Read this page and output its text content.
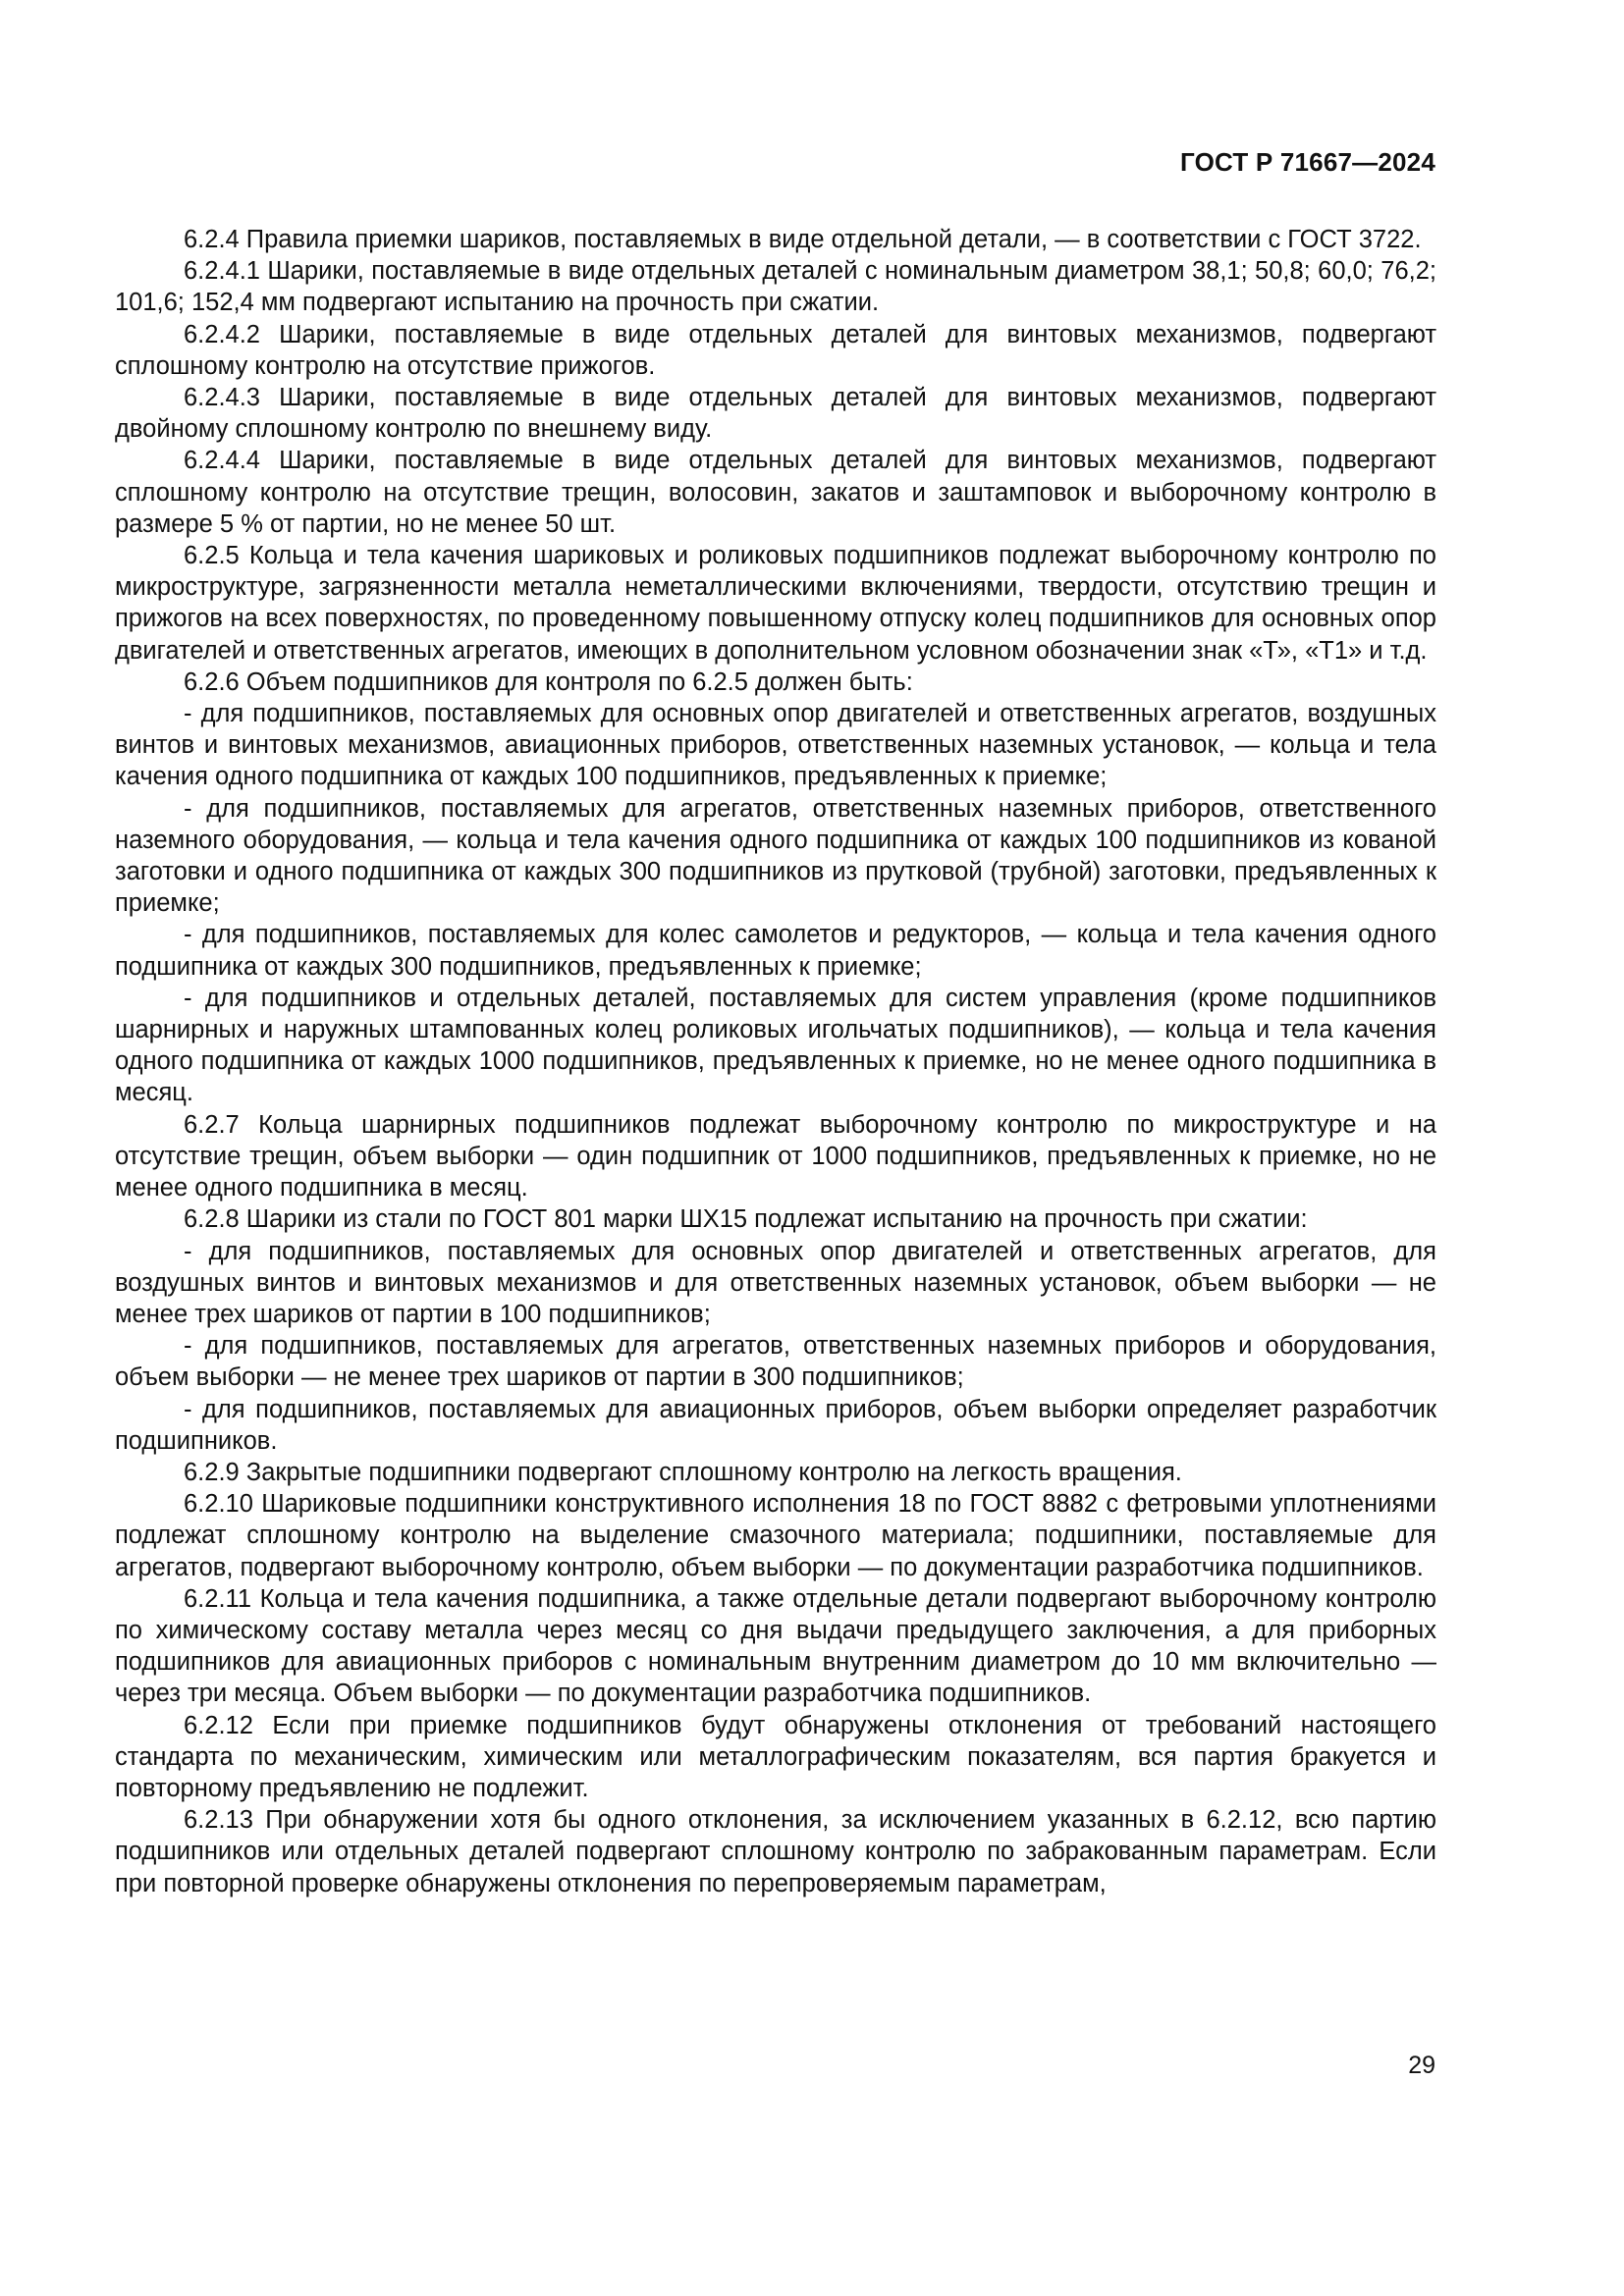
ГОСТ Р 71667—2024

6.2.4 Правила приемки шариков, поставляемых в виде отдельной детали, — в соответствии с ГОСТ 3722.

6.2.4.1 Шарики, поставляемые в виде отдельных деталей с номинальным диаметром 38,1; 50,8; 60,0; 76,2; 101,6; 152,4 мм подвергают испытанию на прочность при сжатии.

6.2.4.2 Шарики, поставляемые в виде отдельных деталей для винтовых механизмов, подвергают сплошному контролю на отсутствие прижогов.

6.2.4.3 Шарики, поставляемые в виде отдельных деталей для винтовых механизмов, подвергают двойному сплошному контролю по внешнему виду.

6.2.4.4 Шарики, поставляемые в виде отдельных деталей для винтовых механизмов, подвергают сплошному контролю на отсутствие трещин, волосовин, закатов и заштамповок и выборочному контролю в размере 5 % от партии, но не менее 50 шт.

6.2.5 Кольца и тела качения шариковых и роликовых подшипников подлежат выборочному контролю по микроструктуре, загрязненности металла неметаллическими включениями, твердости, отсутствию трещин и прижогов на всех поверхностях, по проведенному повышенному отпуску колец подшипников для основных опор двигателей и ответственных агрегатов, имеющих в дополнительном условном обозначении знак «Т», «Т1» и т.д.

6.2.6 Объем подшипников для контроля по 6.2.5 должен быть:

- для подшипников, поставляемых для основных опор двигателей и ответственных агрегатов, воздушных винтов и винтовых механизмов, авиационных приборов, ответственных наземных установок, — кольца и тела качения одного подшипника от каждых 100 подшипников, предъявленных к приемке;

- для подшипников, поставляемых для агрегатов, ответственных наземных приборов, ответственного наземного оборудования, — кольца и тела качения одного подшипника от каждых 100 подшипников из кованой заготовки и одного подшипника от каждых 300 подшипников из прутковой (трубной) заготовки, предъявленных к приемке;

- для подшипников, поставляемых для колес самолетов и редукторов, — кольца и тела качения одного подшипника от каждых 300 подшипников, предъявленных к приемке;

- для подшипников и отдельных деталей, поставляемых для систем управления (кроме подшипников шарнирных и наружных штампованных колец роликовых игольчатых подшипников), — кольца и тела качения одного подшипника от каждых 1000 подшипников, предъявленных к приемке, но не менее одного подшипника в месяц.

6.2.7 Кольца шарнирных подшипников подлежат выборочному контролю по микроструктуре и на отсутствие трещин, объем выборки — один подшипник от 1000 подшипников, предъявленных к приемке, но не менее одного подшипника в месяц.

6.2.8 Шарики из стали по ГОСТ 801 марки ШХ15 подлежат испытанию на прочность при сжатии:

- для подшипников, поставляемых для основных опор двигателей и ответственных агрегатов, для воздушных винтов и винтовых механизмов и для ответственных наземных установок, объем выборки — не менее трех шариков от партии в 100 подшипников;

- для подшипников, поставляемых для агрегатов, ответственных наземных приборов и оборудования, объем выборки — не менее трех шариков от партии в 300 подшипников;

- для подшипников, поставляемых для авиационных приборов, объем выборки определяет разработчик подшипников.

6.2.9 Закрытые подшипники подвергают сплошному контролю на легкость вращения.

6.2.10 Шариковые подшипники конструктивного исполнения 18 по ГОСТ 8882 с фетровыми уплотнениями подлежат сплошному контролю на выделение смазочного материала; подшипники, поставляемые для агрегатов, подвергают выборочному контролю, объем выборки — по документации разработчика подшипников.

6.2.11 Кольца и тела качения подшипника, а также отдельные детали подвергают выборочному контролю по химическому составу металла через месяц со дня выдачи предыдущего заключения, а для приборных подшипников для авиационных приборов с номинальным внутренним диаметром до 10 мм включительно — через три месяца. Объем выборки — по документации разработчика подшипников.

6.2.12 Если при приемке подшипников будут обнаружены отклонения от требований настоящего стандарта по механическим, химическим или металлографическим показателям, вся партия бракуется и повторному предъявлению не подлежит.

6.2.13 При обнаружении хотя бы одного отклонения, за исключением указанных в 6.2.12, всю партию подшипников или отдельных деталей подвергают сплошному контролю по забракованным параметрам. Если при повторной проверке обнаружены отклонения по перепроверяемым параметрам,

29
